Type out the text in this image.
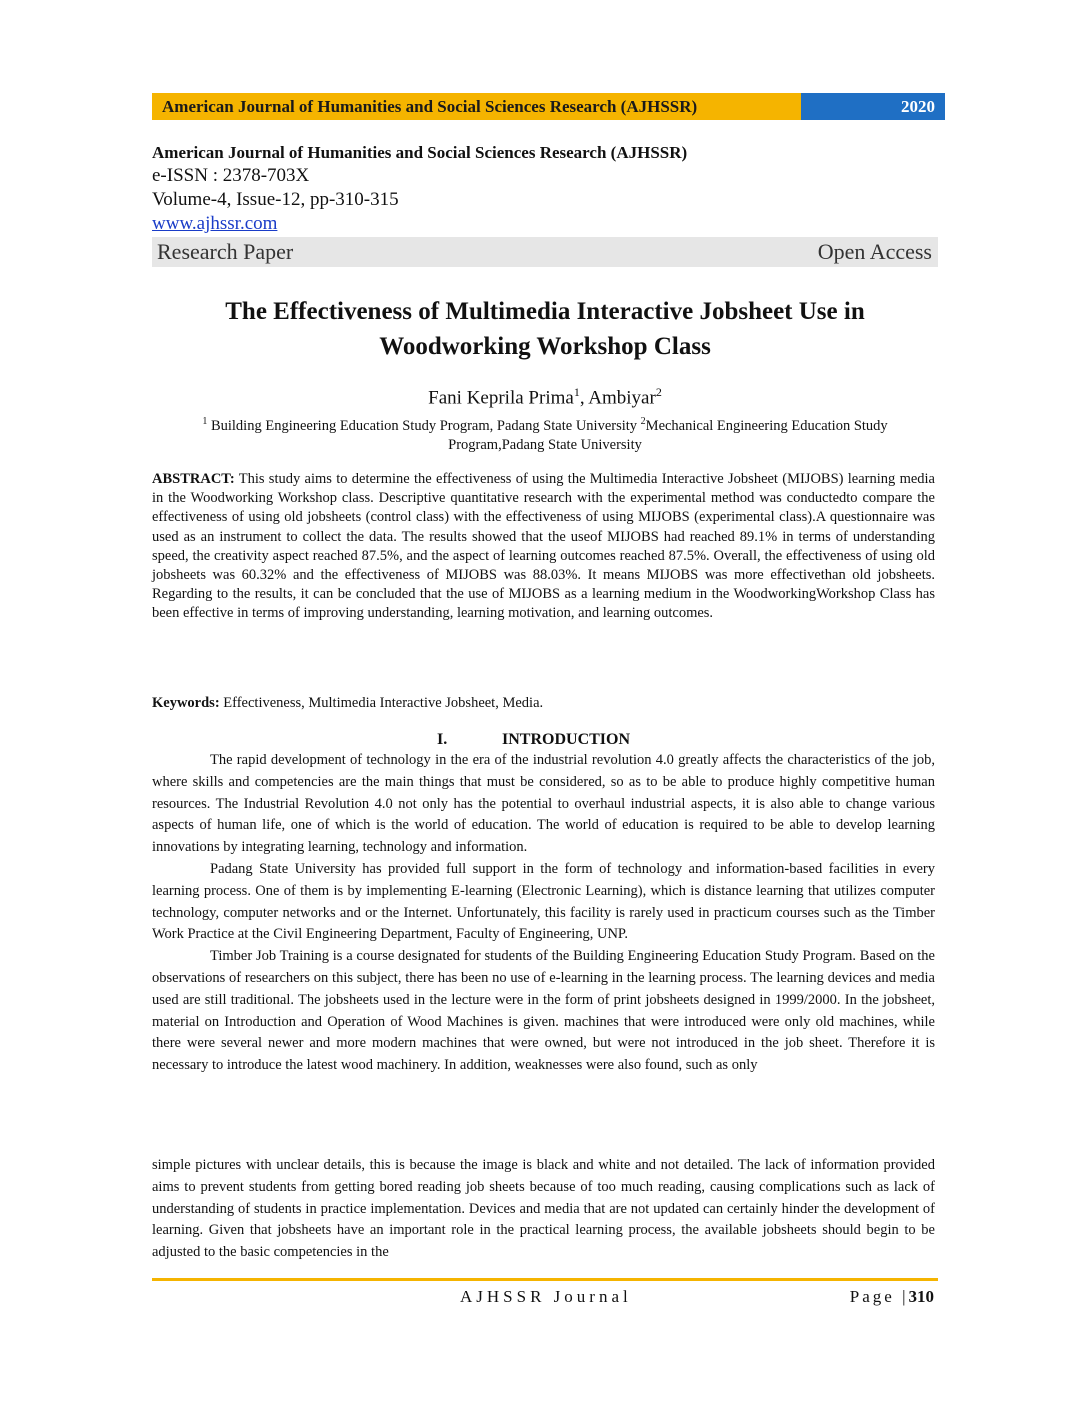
American Journal of Humanities and Social Sciences Research (AJHSSR)	2020
American Journal of Humanities and Social Sciences Research (AJHSSR)
e-ISSN : 2378-703X
Volume-4, Issue-12, pp-310-315
www.ajhssr.com
Research Paper	Open Access
The Effectiveness of Multimedia Interactive Jobsheet Use in
Woodworking Workshop Class
Fani Keprila Prima$^1$, Ambiyar$^2$
$^1$ Building Engineering Education Study Program, Padang State University $^2$Mechanical Engineering Education Study Program,Padang State University
ABSTRACT: This study aims to determine the effectiveness of using the Multimedia Interactive Jobsheet (MIJOBS) learning media in the Woodworking Workshop class. Descriptive quantitative research with the experimental method was conductedto compare the effectiveness of using old jobsheets (control class) with the effectiveness of using MIJOBS (experimental class).A questionnaire was used as an instrument to collect the data. The results showed that the useof MIJOBS had reached 89.1% in terms of understanding speed, the creativity aspect reached 87.5%, and the aspect of learning outcomes reached 87.5%. Overall, the effectiveness of using old jobsheets was 60.32% and the effectiveness of MIJOBS was 88.03%. It means MIJOBS was more effectivethan old jobsheets. Regarding to the results, it can be concluded that the use of MIJOBS as a learning medium in the WoodworkingWorkshop Class has been effective in terms of improving understanding, learning motivation, and learning outcomes.
Keywords: Effectiveness, Multimedia Interactive Jobsheet, Media.
I.	INTRODUCTION

The rapid development of technology in the era of the industrial revolution 4.0 greatly affects the characteristics of the job, where skills and competencies are the main things that must be considered, so as to be able to produce highly competitive human resources. The Industrial Revolution 4.0 not only has the potential to overhaul industrial aspects, it is also able to change various aspects of human life, one of which is the world of education. The world of education is required to be able to develop learning innovations by integrating learning, technology and information.

Padang State University has provided full support in the form of technology and information-based facilities in every learning process. One of them is by implementing E-learning (Electronic Learning), which is distance learning that utilizes computer technology, computer networks and or the Internet. Unfortunately, this facility is rarely used in practicum courses such as the Timber Work Practice at the Civil Engineering Department, Faculty of Engineering, UNP.

Timber Job Training is a course designated for students of the Building Engineering Education Study Program. Based on the observations of researchers on this subject, there has been no use of e-learning in the learning process. The learning devices and media used are still traditional. The jobsheets used in the lecture were in the form of print jobsheets designed in 1999/2000. In the jobsheet, material on Introduction and Operation of Wood Machines is given. machines that were introduced were only old machines, while there were several newer and more modern machines that were owned, but were not introduced in the job sheet. Therefore it is necessary to introduce the latest wood machinery. In addition, weaknesses were also found, such as only

simple pictures with unclear details, this is because the image is black and white and not detailed. The lack of information provided aims to prevent students from getting bored reading job sheets because of too much reading, causing complications such as lack of understanding of students in practice implementation. Devices and media that are not updated can certainly hinder the development of learning. Given that jobsheets have an important role in the practical learning process, the available jobsheets should begin to be adjusted to the basic competencies in the

AJHSSR Journal	Page |310
